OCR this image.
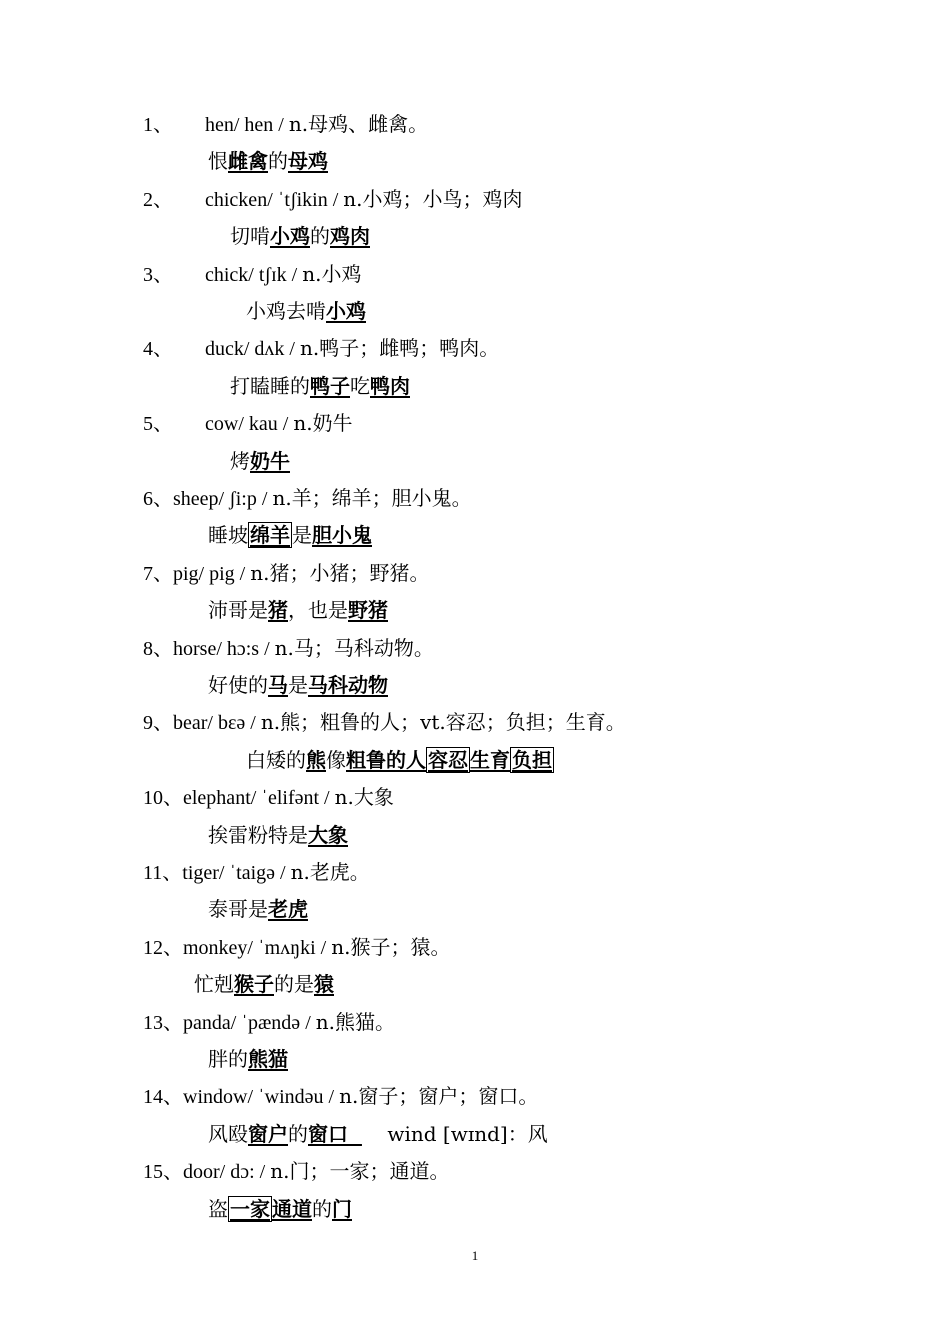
1、 hen/ hen / n.母鸡、雌禽。
恨雌禽的母鸡
2、 chicken/ ˈtʃikin / n.小鸡；小鸟；鸡肉
切啃小鸡的鸡肉
3、 chick/ tʃɪk / n.小鸡
小鸡去啃小鸡
4、 duck/ dʌk / n.鸭子；雌鸭；鸭肉。
打瞌睡的鸭子吃鸭肉
5、 cow/ kau / n.奶牛
烤奶牛
6、sheep/ ʃi:p / n.羊；绵羊；胆小鬼。
睡坡 绵羊 是胆小鬼
7、pig/ pig / n.猪；小猪；野猪。
沛哥是猪，也是野猪
8、horse/ hɔ:s / n.马；马科动物。
好使的马是马科动物
9、bear/ bɛə / n.熊；粗鲁的人；vt.容忍；负担；生育。
白矮的熊像粗鲁的人 容忍 生育 负担
10、elephant/ ˈelifənt / n.大象
挨雷粉特是大象
11、tiger/ ˈtaigə / n.老虎。
泰哥是老虎
12、monkey/ ˈmʌŋki / n.猴子；猿。
忙剋猴子的是猿
13、panda/ ˈpændə / n.熊猫。
胖的熊猫
14、window/ ˈwindəu / n.窗子；窗户；窗口。
风殴窗户的窗口      wind [wɪnd]：风
15、door/ dɔ: / n.门；一家；通道。
盗 一家 通道的门
1
